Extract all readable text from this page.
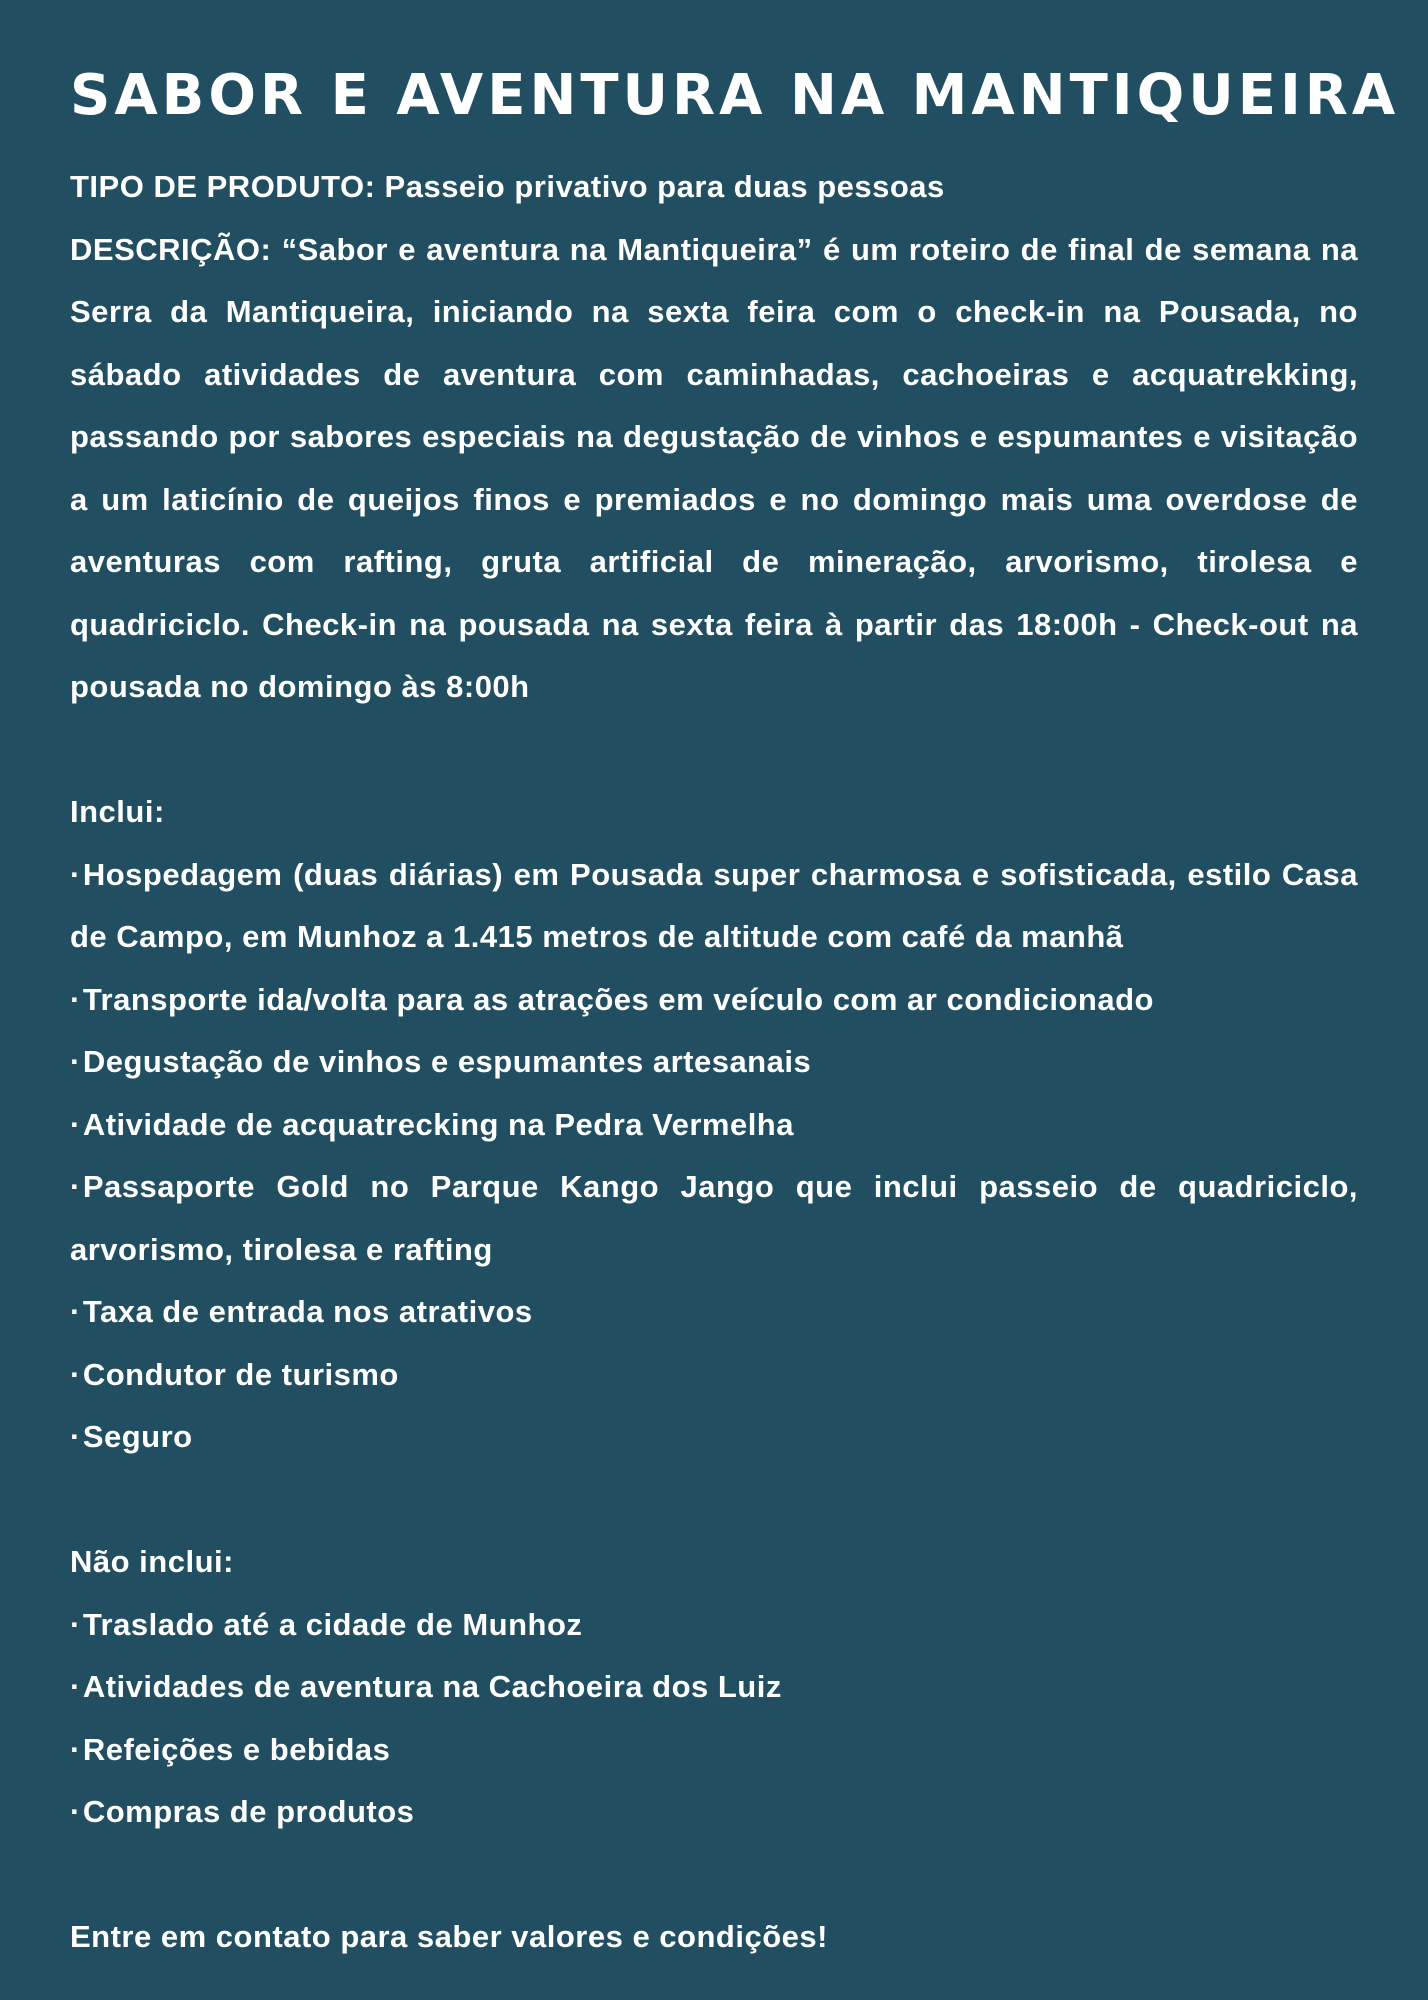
SABOR E AVENTURA NA MANTIQUEIRA

TIPO DE PRODUTO: Passeio privativo para duas pessoas

DESCRIÇÃO: “Sabor e aventura na Mantiqueira” é um roteiro de final de semana na Serra da Mantiqueira, iniciando na sexta feira com o check-in na Pousada, no sábado atividades de aventura com caminhadas, cachoeiras e acquatrekking, passando por sabores especiais na degustação de vinhos e espumantes e visitação a um laticínio de queijos finos e premiados e no domingo mais uma overdose de aventuras com rafting, gruta artificial de mineração, arvorismo, tirolesa e quadriciclo. Check-in na pousada na sexta feira à partir das 18:00h - Check-out na pousada no domingo às 8:00h

Inclui:

·Hospedagem (duas diárias) em Pousada super charmosa e sofisticada, estilo Casa de Campo, em Munhoz a 1.415 metros de altitude com café da manhã
·Transporte ida/volta para as atrações em veículo com ar condicionado
·Degustação de vinhos e espumantes artesanais
·Atividade de acquatrecking na Pedra Vermelha
·Passaporte Gold no Parque Kango Jango que inclui passeio de quadriciclo, arvorismo, tirolesa e rafting
·Taxa de entrada nos atrativos
·Condutor de turismo
·Seguro

Não inclui:

·Traslado até a cidade de Munhoz
·Atividades de aventura na Cachoeira dos Luiz
·Refeições e bebidas
·Compras de produtos

Entre em contato para saber valores e condições!
